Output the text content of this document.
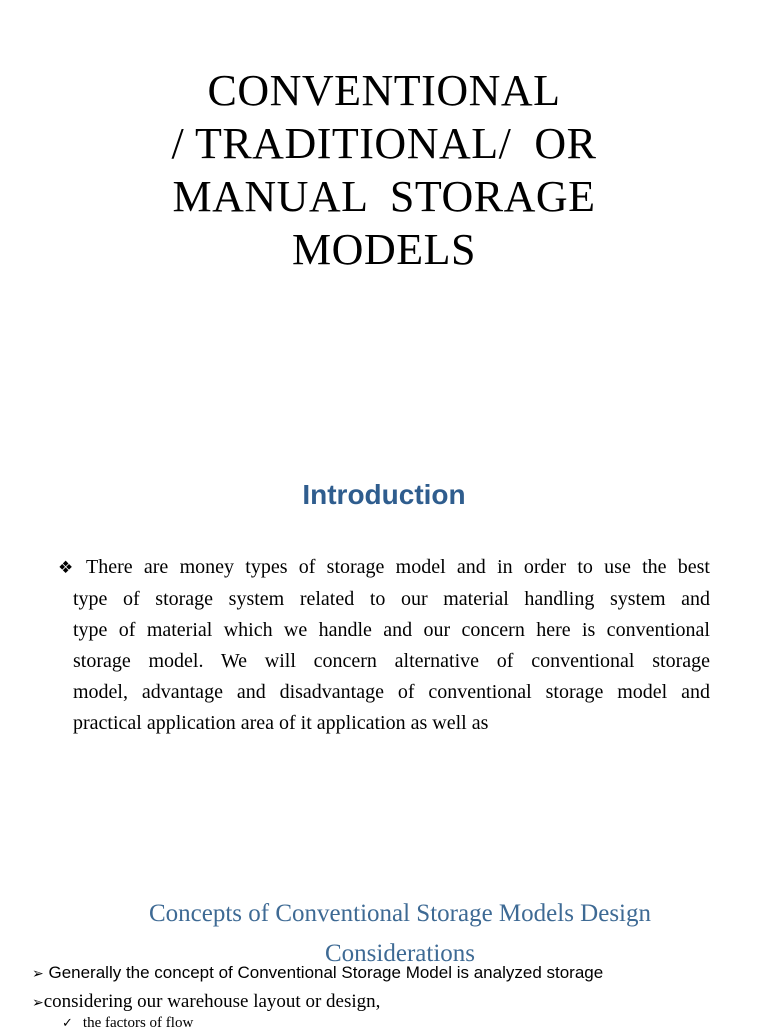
CONVENTIONAL
/ TRADITIONAL/  OR
MANUAL  STORAGE
MODELS
Introduction
❖ There are money types of storage model and in order to use the best
type of storage system related to our material handling system and
type of material which we handle and our concern here is conventional
storage model. We will concern alternative of conventional storage
model, advantage and disadvantage of conventional storage model and
practical application area of it application as well as
Concepts of Conventional Storage Models Design Considerations

➢ Generally the concept of Conventional Storage Model is analyzed storage

➢considering our warehouse layout or design,

✓ the factors of flow
